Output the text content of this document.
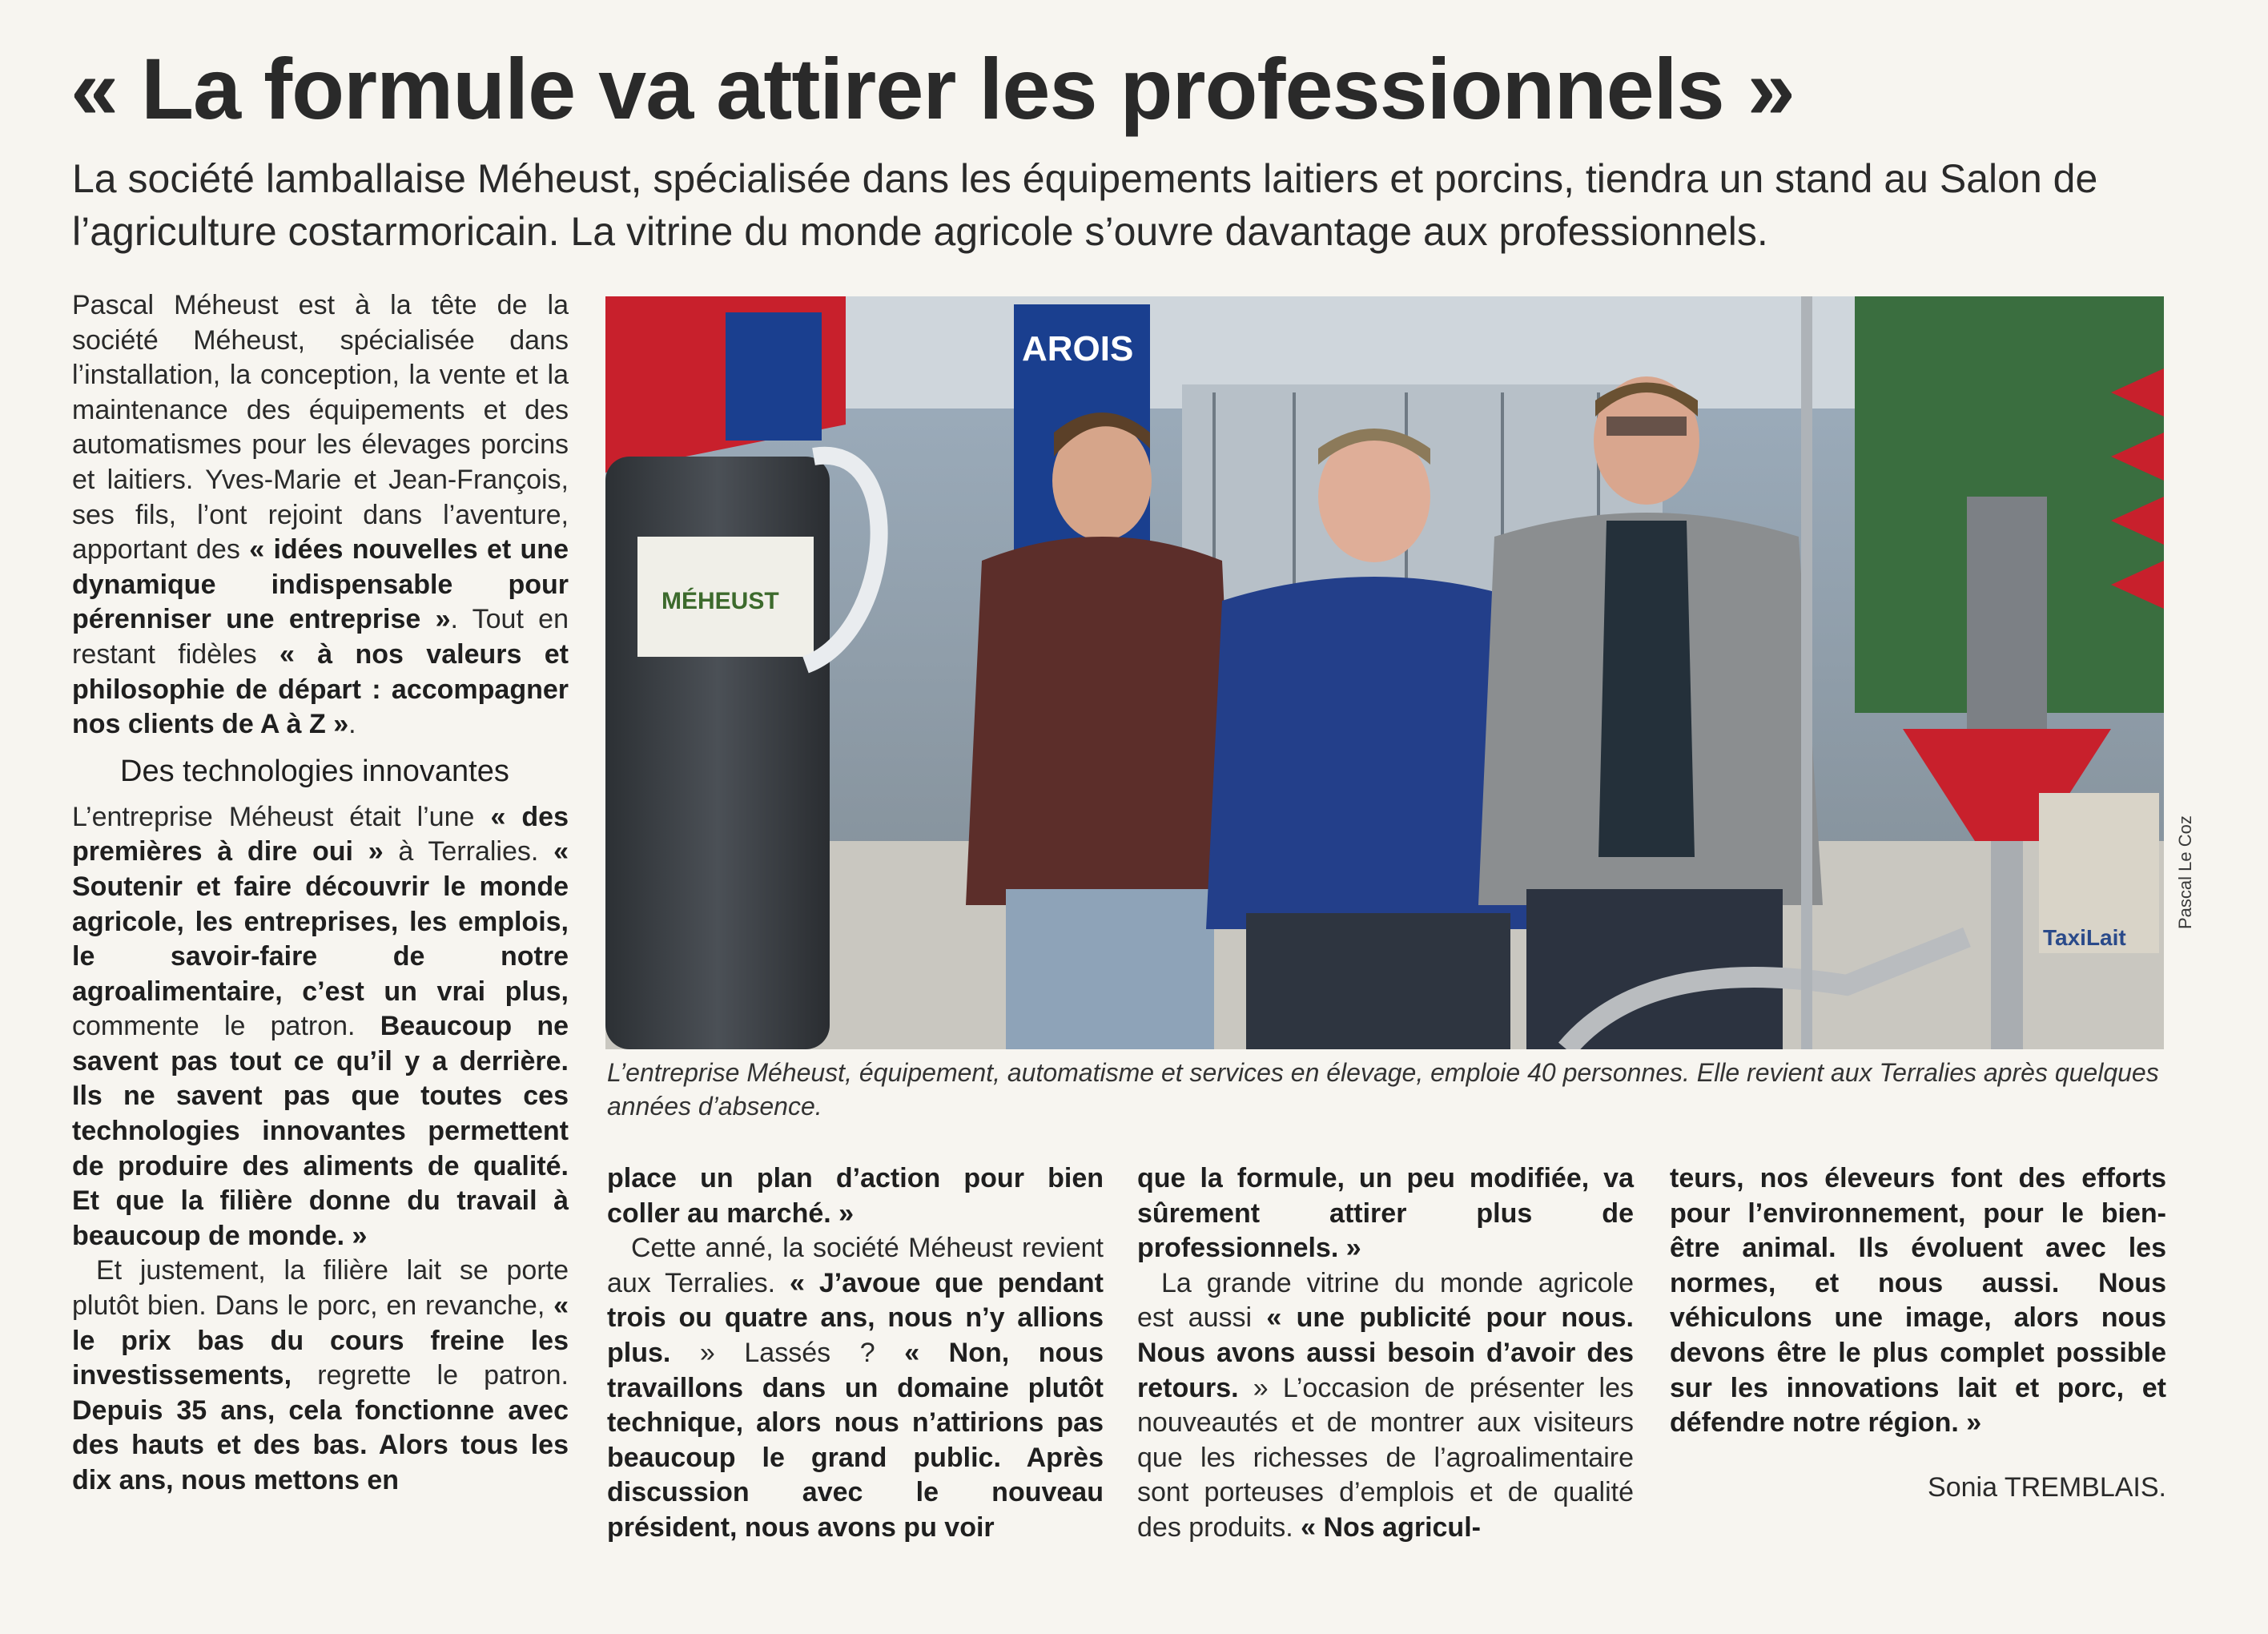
« La formule va attirer les professionnels »

La société lamballaise Méheust, spécialisée dans les équipements laitiers et porcins, tiendra un stand au Salon de l’agriculture costarmoricain. La vitrine du monde agricole s’ouvre davantage aux professionnels.

Pascal Méheust est à la tête de la société Méheust, spécialisée dans l’installation, la conception, la vente et la maintenance des équipements et des automatismes pour les élevages porcins et laitiers. Yves-Marie et Jean-François, ses fils, l’ont rejoint dans l’aventure, apportant des « idées nouvelles et une dynamique indispensable pour pérenniser une entreprise ». Tout en restant fidèles « à nos valeurs et philosophie de départ : accompagner nos clients de A à Z ».

Des technologies innovantes

L’entreprise Méheust était l’une « des premières à dire oui » à Terralies. « Soutenir et faire découvrir le monde agricole, les entreprises, les emplois, le savoir-faire de notre agroalimentaire, c’est un vrai plus, commente le patron. Beaucoup ne savent pas tout ce qu’il y a derrière. Ils ne savent pas que toutes ces technologies innovantes permettent de produire des aliments de qualité. Et que la filière donne du travail à beaucoup de monde. »

Et justement, la filière lait se porte plutôt bien. Dans le porc, en revanche, « le prix bas du cours freine les investissements, regrette le patron. Depuis 35 ans, cela fonctionne avec des hauts et des bas. Alors tous les dix ans, nous mettons en

AROIS
MÉHEUST
TaxiLait
Pascal Le Coz
L’entreprise Méheust, équipement, automatisme et services en élevage, emploie 40 personnes. Elle revient aux Terralies après quelques années d’absence.

place un plan d’action pour bien coller au marché. »

Cette anné, la société Méheust revient aux Terralies. « J’avoue que pendant trois ou quatre ans, nous n’y allions plus. » Lassés ? « Non, nous travaillons dans un domaine plutôt technique, alors nous n’attirions pas beaucoup le grand public. Après discussion avec le nouveau président, nous avons pu voir

que la formule, un peu modifiée, va sûrement attirer plus de professionnels. »

La grande vitrine du monde agricole est aussi « une publicité pour nous. Nous avons aussi besoin d’avoir des retours. » L’occasion de présenter les nouveautés et de montrer aux visiteurs que les richesses de l’agroalimentaire sont porteuses d’emplois et de qualité des produits. « Nos agricul-

teurs, nos éleveurs font des efforts pour l’environnement, pour le bien-être animal. Ils évoluent avec les normes, et nous aussi. Nous véhiculons une image, alors nous devons être le plus complet possible sur les innovations lait et porc, et défendre notre région. »

Sonia TREMBLAIS.
